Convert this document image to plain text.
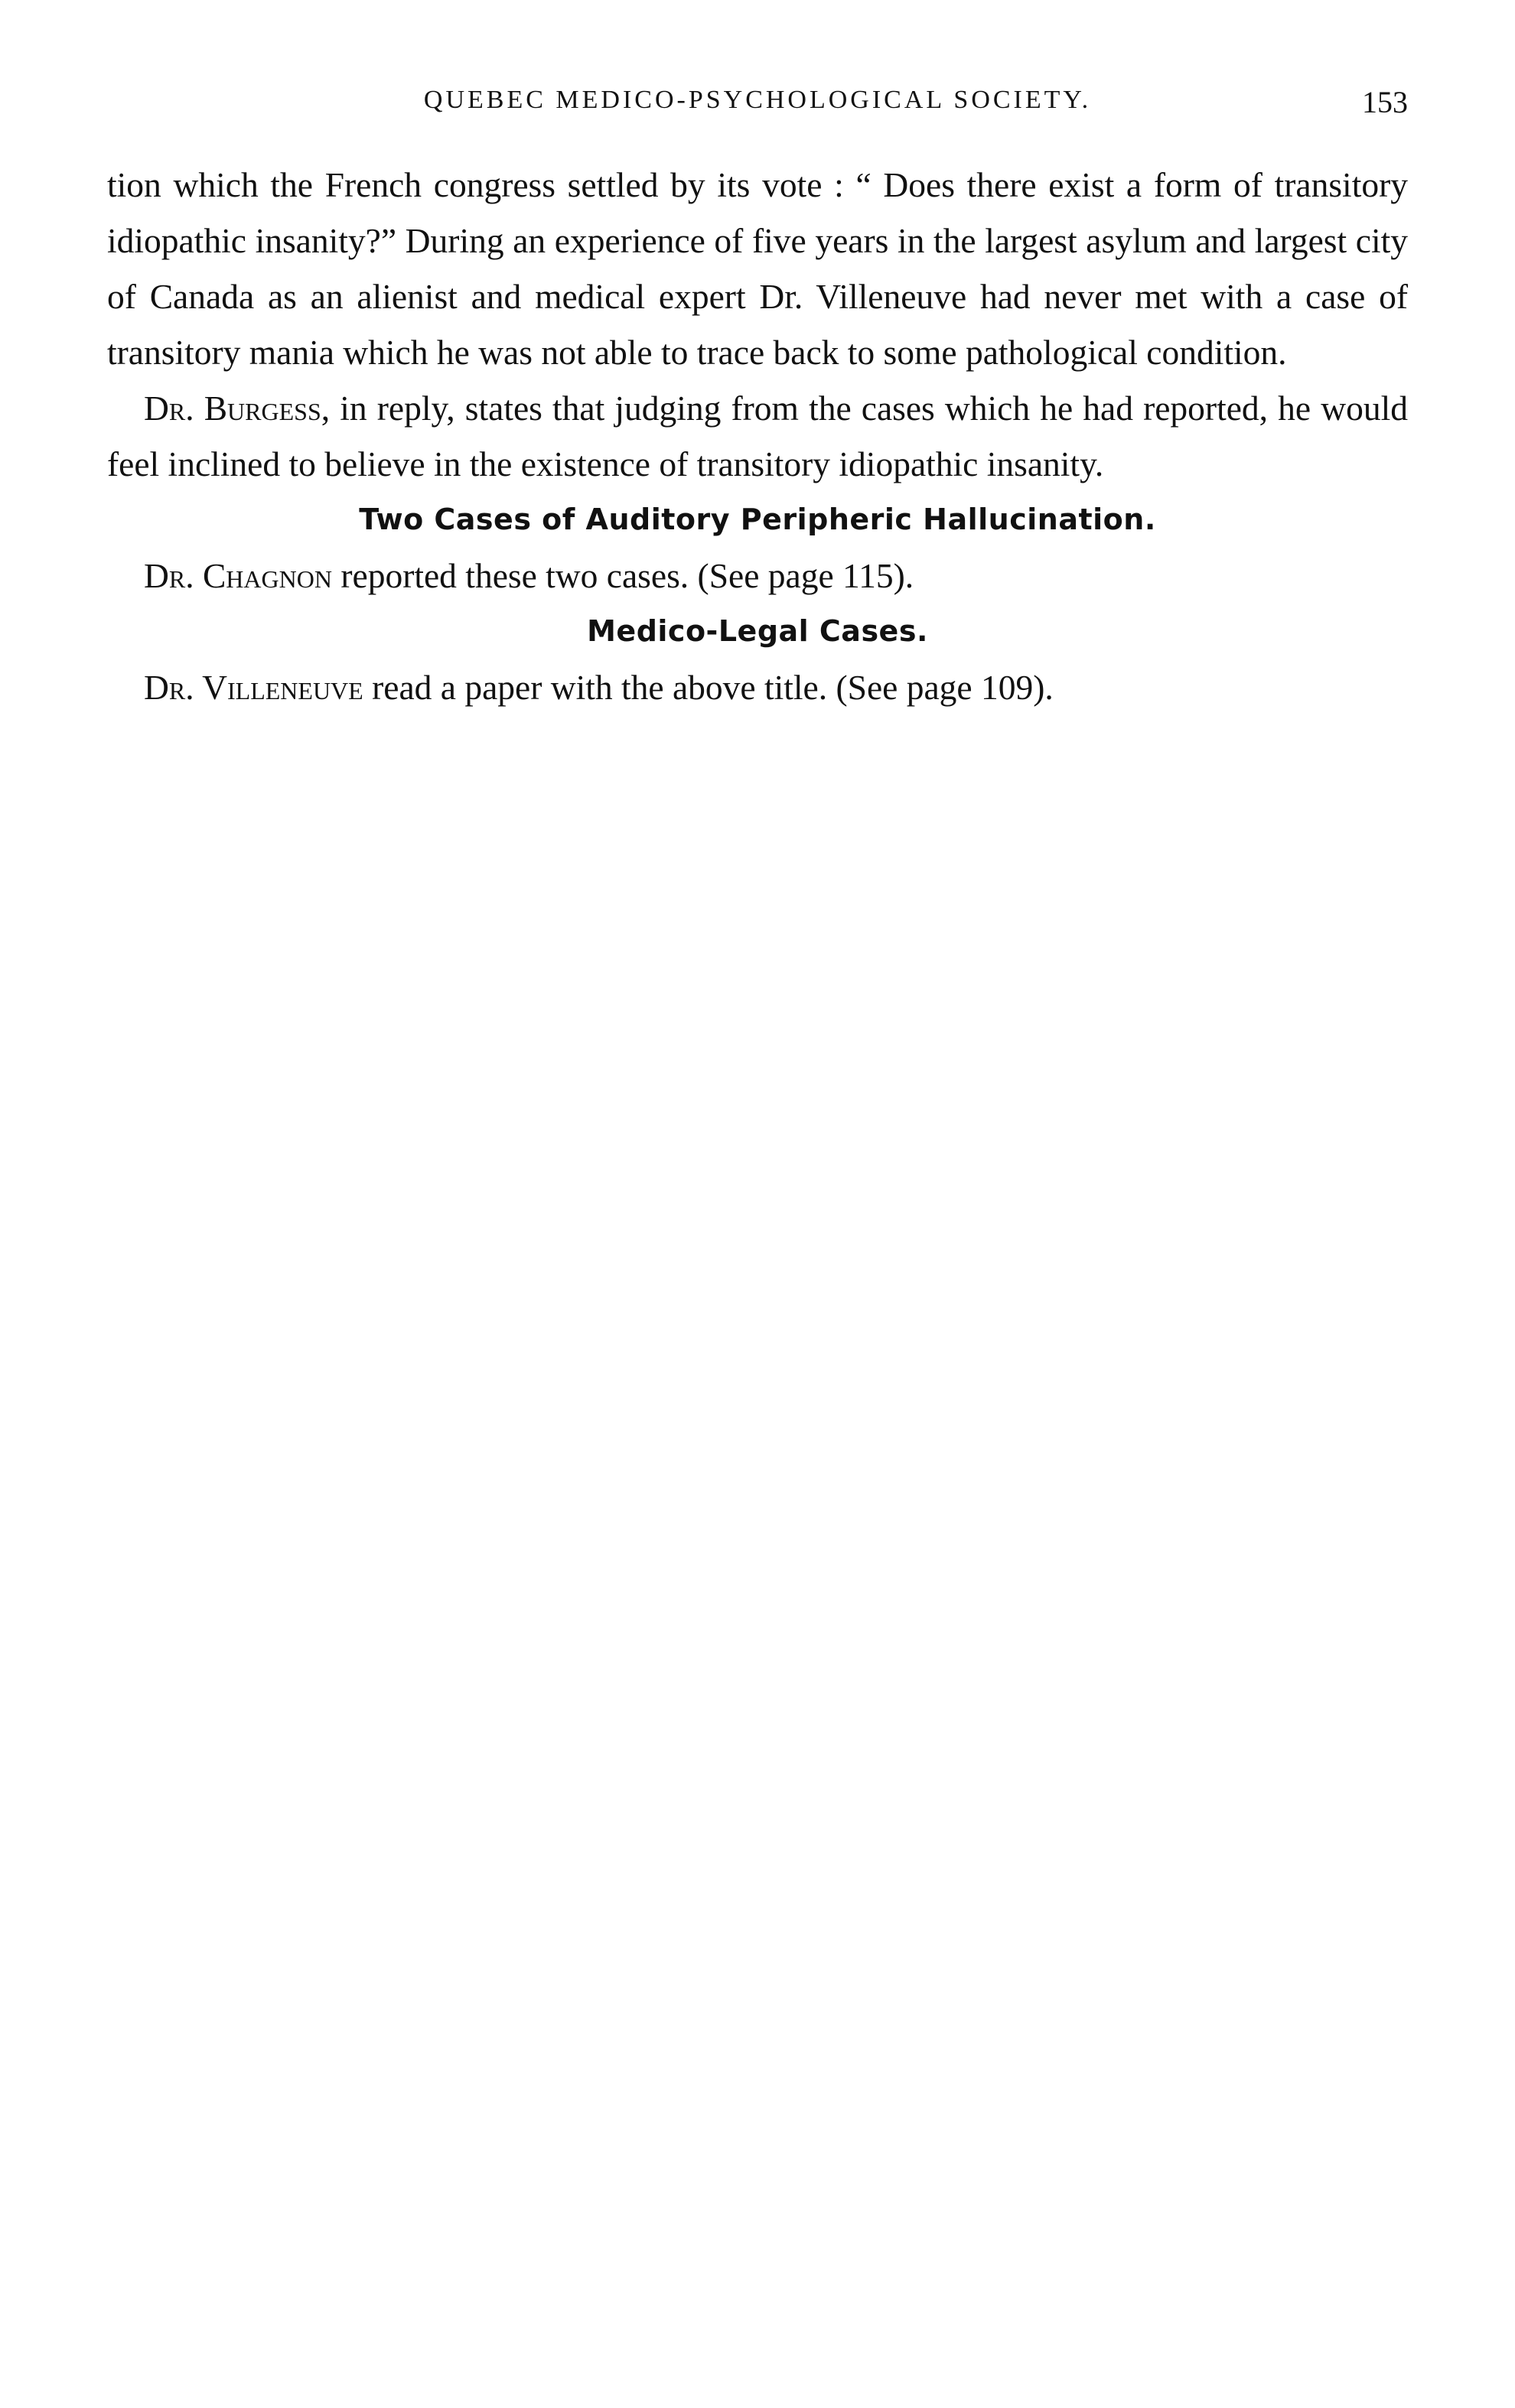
QUEBEC MEDICO-PSYCHOLOGICAL SOCIETY.	153

tion which the French congress settled by its vote : “ Does there exist a form of transitory idiopathic insanity?” During an experience of five years in the largest asylum and largest city of Canada as an alienist and medical expert Dr. Villeneuve had never met with a case of transitory mania which he was not able to trace back to some pathological condition.

Dr. Burgess, in reply, states that judging from the cases which he had reported, he would feel inclined to believe in the existence of transitory idiopathic insanity.

Two Cases of Auditory Peripheric Hallucination.

Dr. Chagnon reported these two cases. (See page 115).

Medico-Legal Cases.

Dr. Villeneuve read a paper with the above title. (See page 109).
